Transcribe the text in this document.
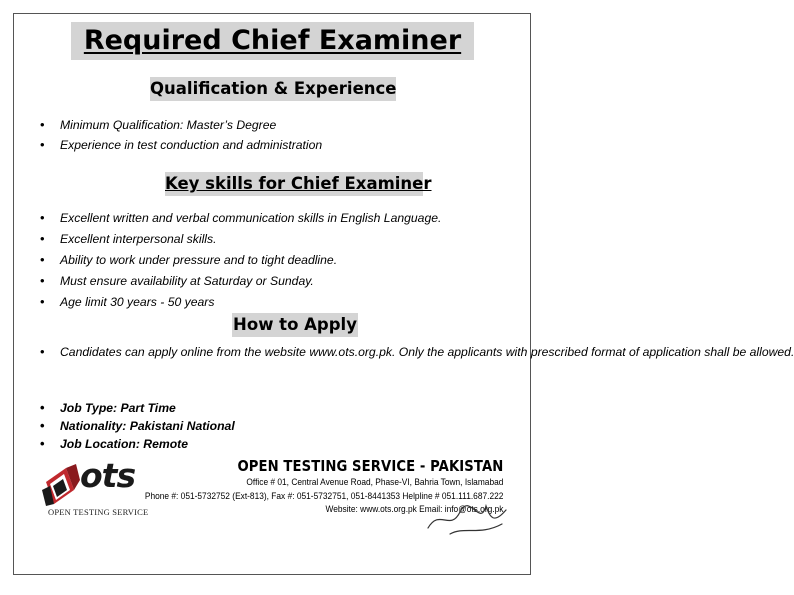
Required Chief Examiner
Qualification & Experience
• Minimum Qualification: Master’s Degree
• Experience in test conduction and administration
Key skills for Chief Examiner
• Excellent written and verbal communication skills in English Language.
• Excellent interpersonal skills.
• Ability to work under pressure and to tight deadline.
• Must ensure availability at Saturday or Sunday.
• Age limit 30 years - 50 years
How to Apply
• Candidates can apply online from the website www.ots.org.pk. Only the applicants with prescribed format of application shall be allowed.
• Job Type: Part Time
• Nationality: Pakistani National
• Job Location: Remote
ots
OPEN TESTING SERVICE
OPEN TESTING SERVICE - PAKISTAN
Office # 01, Central Avenue Road, Phase-VI, Bahria Town, Islamabad
Phone #: 051-5732752 (Ext-813), Fax #: 051-5732751, 051-8441353 Helpline # 051.111.687.222
Website: www.ots.org.pk Email: info@ots.org.pk
